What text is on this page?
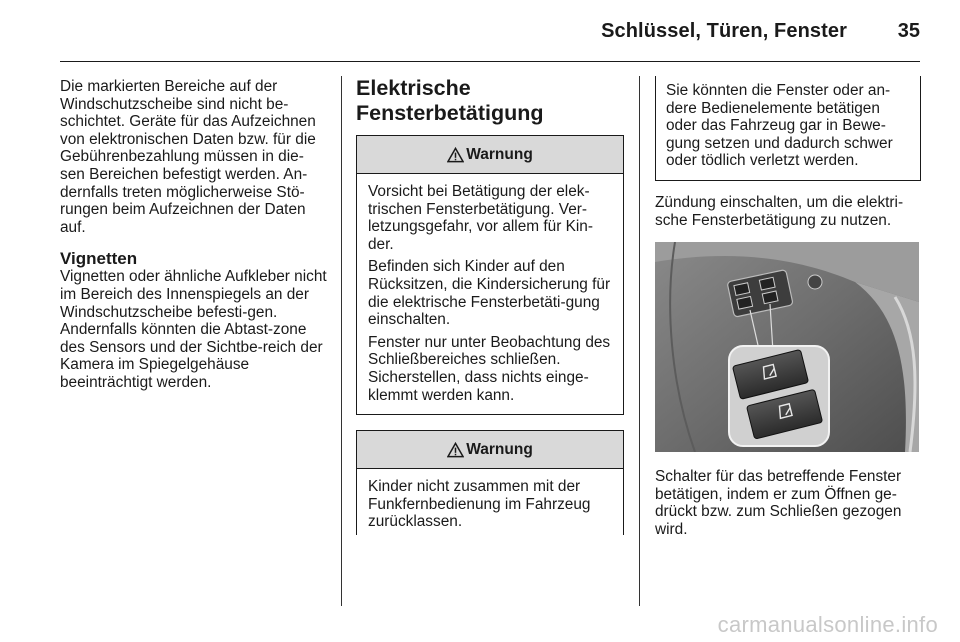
Schlüssel, Türen, Fenster	35

Die markierten Bereiche auf der Windschutzscheibe sind nicht be-schichtet. Geräte für das Aufzeichnen von elektronischen Daten bzw. für die Gebührenbezahlung müssen in die-sen Bereichen befestigt werden. An-dernfalls treten möglicherweise Stö-rungen beim Aufzeichnen der Daten auf.

Vignetten

Vignetten oder ähnliche Aufkleber nicht im Bereich des Innenspiegels an der Windschutzscheibe befesti-gen. Andernfalls könnten die Abtast-zone des Sensors und der Sichtbe-reich der Kamera im Spiegelgehäuse beeinträchtigt werden.

Elektrische
Fensterbetätigung
Warnung

Vorsicht bei Betätigung der elek-trischen Fensterbetätigung. Ver-letzungsgefahr, vor allem für Kin-der.

Befinden sich Kinder auf den Rücksitzen, die Kindersicherung für die elektrische Fensterbetäti-gung einschalten.

Fenster nur unter Beobachtung des Schließbereiches schließen. Sicherstellen, dass nichts einge-klemmt werden kann.

Warnung

Kinder nicht zusammen mit der Funkfernbedienung im Fahrzeug zurücklassen.

Sie könnten die Fenster oder an-dere Bedienelemente betätigen oder das Fahrzeug gar in Bewe-gung setzen und dadurch schwer oder tödlich verletzt werden.

Zündung einschalten, um die elektri-sche Fensterbetätigung zu nutzen.

Schalter für das betreffende Fenster betätigen, indem er zum Öffnen ge-drückt bzw. zum Schließen gezogen wird.

carmanualsonline.info
